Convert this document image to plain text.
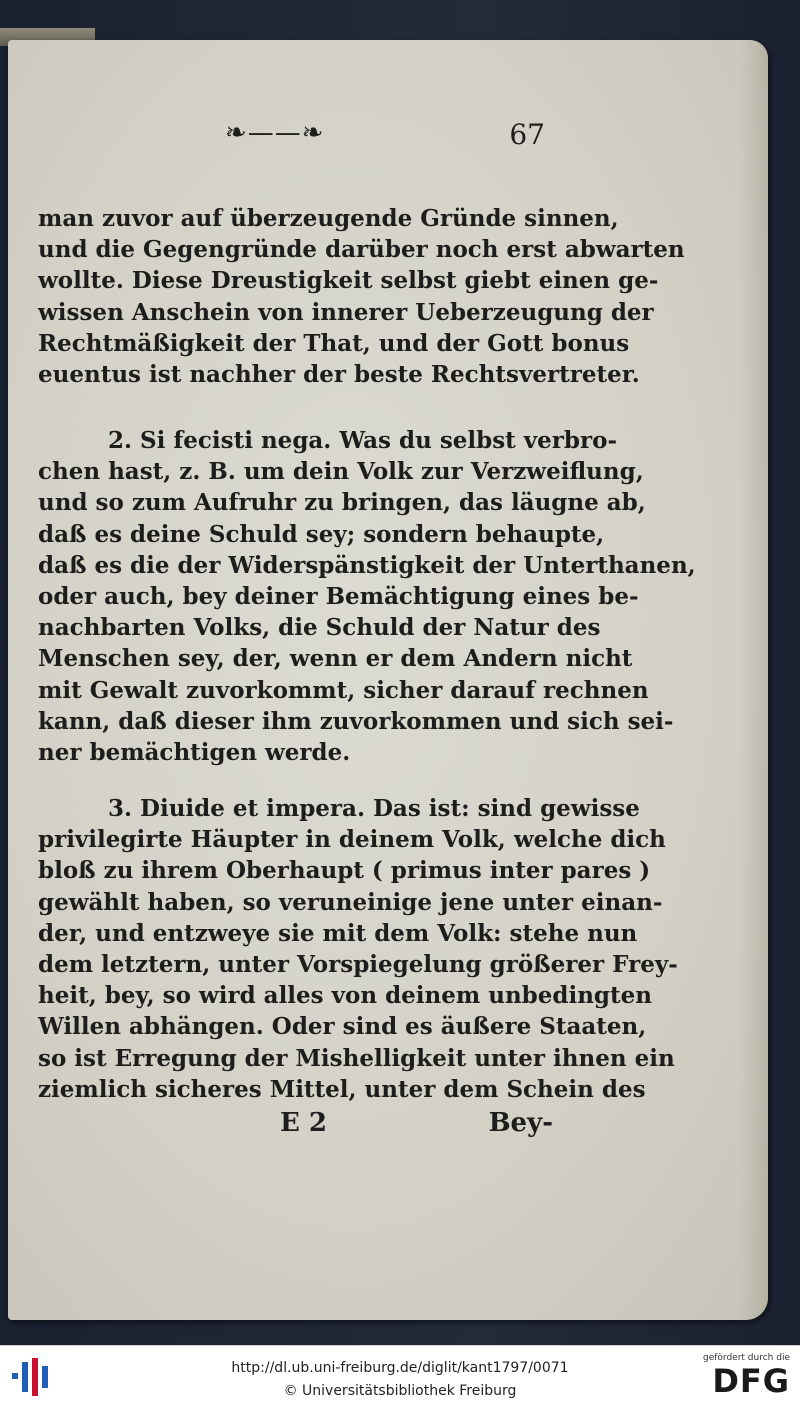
❧——❧	67
man zuvor auf überzeugende Gründe sinnen,
und die Gegengründe darüber noch erst abwarten
wollte. Diese Dreustigkeit selbst giebt einen ge-
wissen Anschein von innerer Ueberzeugung der
Rechtmäßigkeit der That, und der Gott bonus
euentus ist nachher der beste Rechtsvertreter.
2. Si fecisti nega. Was du selbst verbro-
chen hast, z. B. um dein Volk zur Verzweiflung,
und so zum Aufruhr zu bringen, das läugne ab,
daß es deine Schuld sey; sondern behaupte,
daß es die der Widerspänstigkeit der Unterthanen,
oder auch, bey deiner Bemächtigung eines be-
nachbarten Volks, die Schuld der Natur des
Menschen sey, der, wenn er dem Andern nicht
mit Gewalt zuvorkommt, sicher darauf rechnen
kann, daß dieser ihm zuvorkommen und sich sei-
ner bemächtigen werde.
3. Diuide et impera. Das ist: sind gewisse
privilegirte Häupter in deinem Volk, welche dich
bloß zu ihrem Oberhaupt ( primus inter pares )
gewählt haben, so veruneinige jene unter einan-
der, und entzweye sie mit dem Volk: stehe nun
dem letztern, unter Vorspiegelung größerer Frey-
heit, bey, so wird alles von deinem unbedingten
Willen abhängen. Oder sind es äußere Staaten,
so ist Erregung der Mishelligkeit unter ihnen ein
ziemlich sicheres Mittel, unter dem Schein des
E 2	Bey-
http://dl.ub.uni-freiburg.de/diglit/kant1797/0071
© Universitätsbibliothek Freiburg
gefördert durch die
DFG
